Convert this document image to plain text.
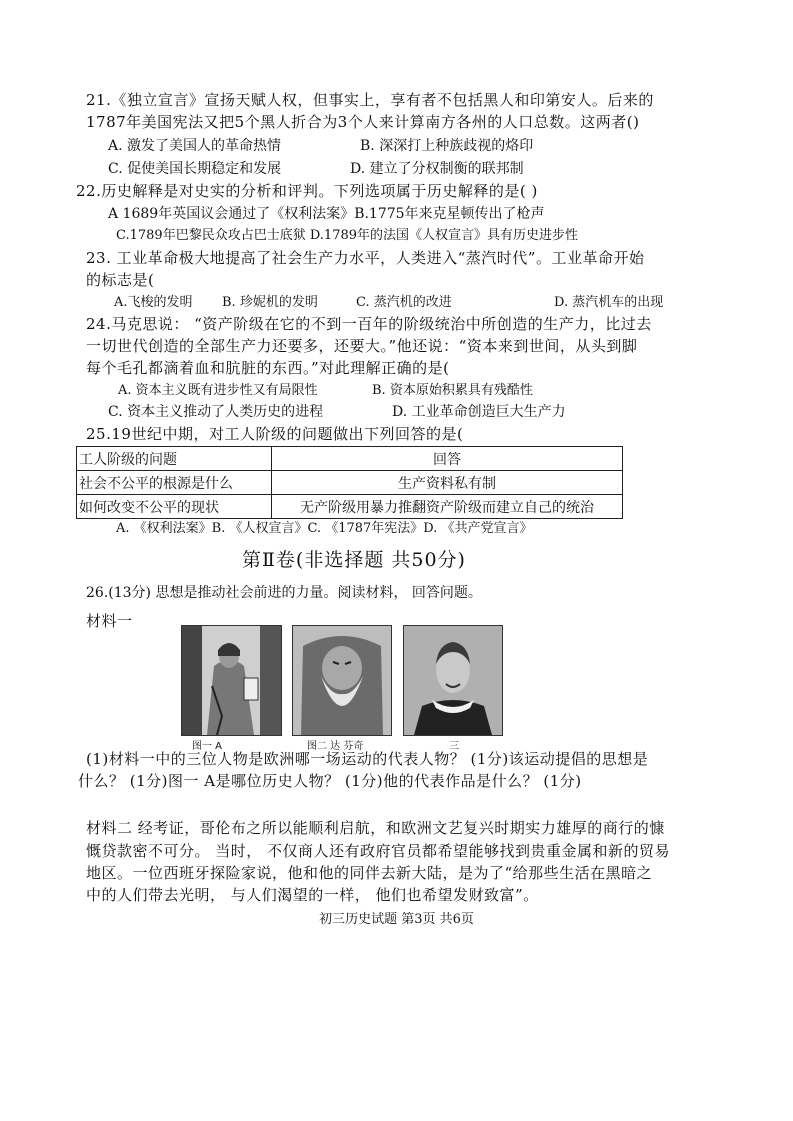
21.《独立宣言》宣扬天赋人权，但事实上，享有者不包括黑人和印第安人。后来的
1787年美国宪法又把5个黑人折合为3个人来计算南方各州的人口总数。这两者()
A. 激发了美国人的革命热情	B. 深深打上种族歧视的烙印
C. 促使美国长期稳定和发展	D. 建立了分权制衡的联邦制
22.历史解释是对史实的分析和评判。下列选项属于历史解释的是( )
A 1689年英国议会通过了《权利法案》B.1775年来克星顿传出了枪声
C.1789年巴黎民众攻占巴士底狱 D.1789年的法国《人权宣言》具有历史进步性
23. 工业革命极大地提高了社会生产力水平，人类进入“蒸汽时代”。工业革命开始
的标志是(
A.飞梭的发明 B. 珍妮机的发明	C. 蒸汽机的改进	D. 蒸汽机车的出现
24.马克思说： “资产阶级在它的不到一百年的阶级统治中所创造的生产力，比过去
一切世代创造的全部生产力还要多，还要大。”他还说：“资本来到世间，从头到脚
每个毛孔都滴着血和肮脏的东西。”对此理解正确的是(
A. 资本主义既有进步性又有局限性	B. 资本原始积累具有残酷性
C. 资本主义推动了人类历史的进程	D. 工业革命创造巨大生产力
25.19世纪中期，对工人阶级的问题做出下列回答的是(
工人阶级的问题	回答
社会不公平的根源是什么	生产资料私有制
如何改变不公平的现状	无产阶级用暴力推翻资产阶级而建立自己的统治
A. 《权利法案》B. 《人权宣言》C. 《1787年宪法》D. 《共产党宣言》
第Ⅱ卷(非选择题 共50分)
26.(13分) 思想是推动社会前进的力量。阅读材料， 回答问题。
材料一
图一 A	图二 达 芬奇	三
(1)材料一中的三位人物是欧洲哪一场运动的代表人物？ (1分)该运动提倡的思想是
什么？ (1分)图一 A是哪位历史人物？ (1分)他的代表作品是什么？ (1分)
材料二 经考证，哥伦布之所以能顺利启航，和欧洲文艺复兴时期实力雄厚的商行的慷
慨贷款密不可分。 当时， 不仅商人还有政府官员都希望能够找到贵重金属和新的贸易
地区。一位西班牙探险家说，他和他的同伴去新大陆，是为了“给那些生活在黑暗之
中的人们带去光明， 与人们渴望的一样， 他们也希望发财致富”。
初三历史试题 第3页 共6页
